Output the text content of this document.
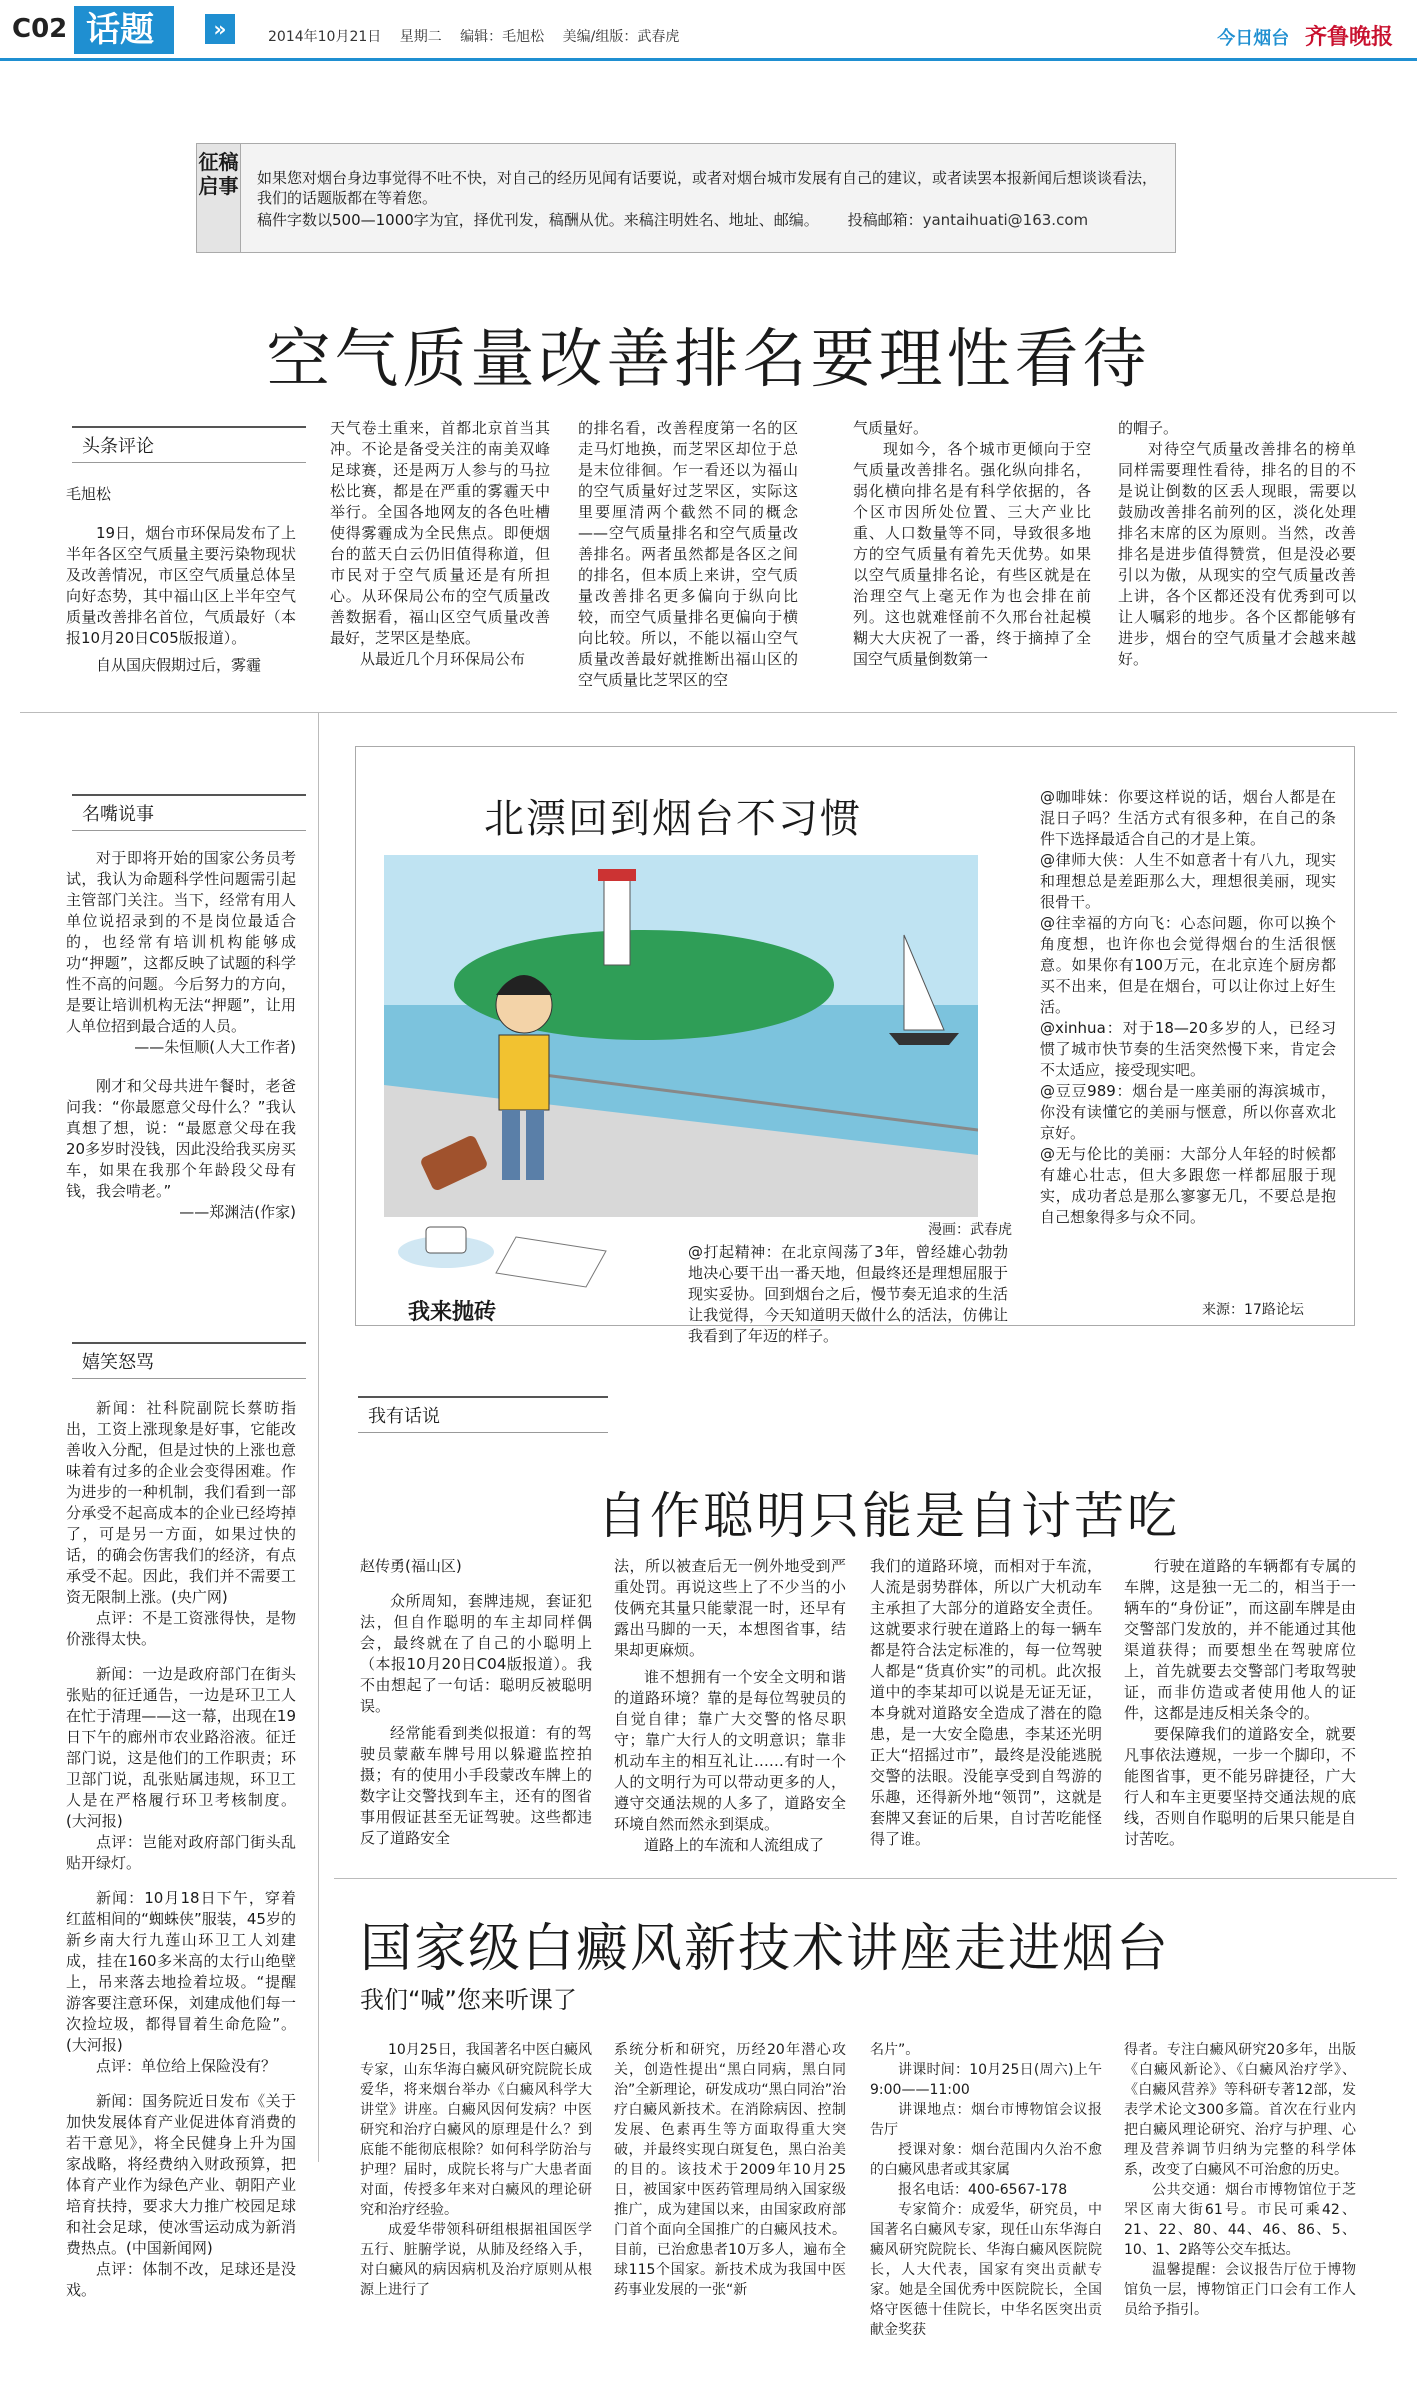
C02 话题	»	2014年10月21日 星期二 编辑：毛旭松 美编/组版：武春虎	今日烟台 齐鲁晚报
征稿启事 如果您对烟台身边事觉得不吐不快，对自己的经历见闻有话要说，或者对烟台城市发展有自己的建议，或者读罢本报新闻后想谈谈看法，我们的话题版都在等着您。
稿件字数以500—1000字为宜，择优刊发，稿酬从优。来稿注明姓名、地址、邮编。 投稿邮箱：yantaihuati@163.com
空气质量改善排名要理性看待
头条评论

毛旭松

19日，烟台市环保局发布了上半年各区空气质量主要污染物现状及改善情况，市区空气质量总体呈向好态势，其中福山区上半年空气质量改善排名首位，气质最好（本报10月20日C05版报道）。

自从国庆假期过后，雾霾

天气卷土重来，首都北京首当其冲。不论是备受关注的南美双峰足球赛，还是两万人参与的马拉松比赛，都是在严重的雾霾天中举行。全国各地网友的各色吐槽使得雾霾成为全民焦点。即便烟台的蓝天白云仍旧值得称道，但市民对于空气质量还是有所担心。从环保局公布的空气质量改善数据看，福山区空气质量改善最好，芝罘区是垫底。

从最近几个月环保局公布

的排名看，改善程度第一名的区走马灯地换，而芝罘区却位于总是末位徘徊。乍一看还以为福山的空气质量好过芝罘区，实际这里要厘清两个截然不同的概念——空气质量排名和空气质量改善排名。两者虽然都是各区之间的排名，但本质上来讲，空气质量改善排名更多偏向于纵向比较，而空气质量排名更偏向于横向比较。所以，不能以福山空气质量改善最好就推断出福山区的空气质量比芝罘区的空

气质量好。

现如今，各个城市更倾向于空气质量改善排名。强化纵向排名，弱化横向排名是有科学依据的，各个区市因所处位置、三大产业比重、人口数量等不同，导致很多地方的空气质量有着先天优势。如果以空气质量排名论，有些区就是在治理空气上毫无作为也会排在前列。这也就难怪前不久邢台社起模糊大大庆祝了一番，终于摘掉了全国空气质量倒数第一

的帽子。

对待空气质量改善排名的榜单同样需要理性看待，排名的目的不是说让倒数的区丢人现眼，需要以鼓励改善排名前列的区，淡化处理排名末席的区为原则。当然，改善排名是进步值得赞赏，但是没必要引以为傲，从现实的空气质量改善上讲，各个区都还没有优秀到可以让人嘱彩的地步。各个区都能够有进步，烟台的空气质量才会越来越好。

名嘴说事

对于即将开始的国家公务员考试，我认为命题科学性问题需引起主管部门关注。当下，经常有用人单位说招录到的不是岗位最适合的，也经常有培训机构能够成功“押题”，这都反映了试题的科学性不高的问题。今后努力的方向，是要让培训机构无法“押题”，让用人单位招到最合适的人员。

——朱恒顺(人大工作者)

刚才和父母共进午餐时，老爸问我：“你最愿意父母什么？”我认真想了想，说：“最愿意父母在我20多岁时没钱，因此没给我买房买车，如果在我那个年龄段父母有钱，我会啃老。”

——郑渊洁(作家)

嬉笑怒骂

新闻：社科院副院长蔡昉指出，工资上涨现象是好事，它能改善收入分配，但是过快的上涨也意味着有过多的企业会变得困难。作为进步的一种机制，我们看到一部分承受不起高成本的企业已经垮掉了，可是另一方面，如果过快的话，的确会伤害我们的经济，有点承受不起。因此，我们并不需要工资无限制上涨。(央广网)

点评：不是工资涨得快，是物价涨得太快。

新闻：一边是政府部门在街头张贴的征迁通告，一边是环卫工人在忙于清理——这一幕，出现在19日下午的廊州市农业路浴液。征迁部门说，这是他们的工作职责；环卫部门说，乱张贴属违规，环卫工人是在严格履行环卫考核制度。(大河报)

点评：岂能对政府部门街头乱贴开绿灯。

新闻：10月18日下午，穿着红蓝相间的“蜘蛛侠”服装，45岁的新乡南大行九莲山环卫工人刘建成，挂在160多米高的太行山绝壁上，吊来落去地捡着垃圾。“提醒游客要注意环保，刘建成他们每一次捡垃圾，都得冒着生命危险”。(大河报)

点评：单位给上保险没有？

新闻：国务院近日发布《关于加快发展体育产业促进体育消费的若干意见》，将全民健身上升为国家战略，将经费纳入财政预算，把体育产业作为绿色产业、朝阳产业培育扶持，要求大力推广校园足球和社会足球，使冰雪运动成为新消费热点。(中国新闻网)

点评：体制不改，足球还是没戏。

北漂回到烟台不习惯
漫画：武春虎
我来抛砖
@打起精神：在北京闯荡了3年，曾经雄心勃勃地决心要干出一番天地，但最终还是理想屈服于现实妥协。回到烟台之后，慢节奏无追求的生活让我觉得，今天知道明天做什么的活法，仿佛让我看到了年迈的样子。

@咖啡妹：你要这样说的话，烟台人都是在混日子吗？生活方式有很多种，在自己的条件下选择最适合自己的才是上策。

@律师大侠：人生不如意者十有八九，现实和理想总是差距那么大，理想很美丽，现实很骨干。

@往幸福的方向飞：心态问题，你可以换个角度想，也许你也会觉得烟台的生活很惬意。如果你有100万元，在北京连个厨房都买不出来，但是在烟台，可以让你过上好生活。

@xinhua：对于18—20多岁的人，已经习惯了城市快节奏的生活突然慢下来，肯定会不太适应，接受现实吧。

@豆豆989：烟台是一座美丽的海滨城市，你没有读懂它的美丽与惬意，所以你喜欢北京好。

@无与伦比的美丽：大部分人年轻的时候都有雄心壮志，但大多跟您一样都屈服于现实，成功者总是那么寥寥无几，不要总是抱自己想象得多与众不同。

来源：17路论坛
我有话说
自作聪明只能是自讨苦吃

赵传勇(福山区)

众所周知，套牌违规，套证犯法，但自作聪明的车主却同样偶会，最终就在了自己的小聪明上（本报10月20日C04版报道）。我不由想起了一句话：聪明反被聪明误。

经常能看到类似报道：有的驾驶员蒙蔽车牌号用以躲避监控拍摄；有的使用小手段蒙改车牌上的数字让交警找到车主，还有的图省事用假证甚至无证驾驶。这些都违反了道路安全

法，所以被查后无一例外地受到严重处罚。再说这些上了不少当的小伎俩充其量只能蒙混一时，还早有露出马脚的一天，本想图省事，结果却更麻烦。

谁不想拥有一个安全文明和谐的道路环境？靠的是每位驾驶员的自觉自律；靠广大交警的恪尽职守；靠广大行人的文明意识；靠非机动车主的相互礼让……有时一个人的文明行为可以带动更多的人，遵守交通法规的人多了，道路安全环境自然而然永到渠成。

道路上的车流和人流组成了

我们的道路环境，而相对于车流，人流是弱势群体，所以广大机动车主承担了大部分的道路安全责任。这就要求行驶在道路上的每一辆车都是符合法定标准的，每一位驾驶人都是“货真价实”的司机。此次报道中的李某却可以说是无证无证，本身就对道路安全造成了潜在的隐患，是一大安全隐患，李某还光明正大“招摇过市”，最终是没能逃脱交警的法眼。没能享受到自驾游的乐趣，还得新外地“领罚”，这就是套牌又套证的后果，自讨苦吃能怪得了谁。

行驶在道路的车辆都有专属的车牌，这是独一无二的，相当于一辆车的“身份证”，而这副车牌是由交警部门发放的，并不能通过其他渠道获得；而要想坐在驾驶席位上，首先就要去交警部门考取驾驶证，而非仿造或者使用他人的证件，这都是违反相关条令的。

要保障我们的道路安全，就要凡事依法遵规，一步一个脚印，不能图省事，更不能另辟捷径，广大行人和车主更要坚持交通法规的底线，否则自作聪明的后果只能是自讨苦吃。

国家级白癜风新技术讲座走进烟台
我们“喊”您来听课了

10月25日，我国著名中医白癜风专家，山东华海白癜风研究院院长成爱华，将来烟台举办《白癜风科学大讲堂》讲座。白癜风因何发病？中医研究和治疗白癜风的原理是什么？到底能不能彻底根除？如何科学防治与护理？届时，成院长将与广大患者面对面，传授多年来对白癜风的理论研究和治疗经验。

成爱华带领科研组根据祖国医学五行、脏腑学说，从肺及经络入手，对白癜风的病因病机及治疗原则从根源上进行了

系统分析和研究，历经20年潜心攻关，创造性提出“黑白同病，黑白同治”全新理论，研发成功“黑白同治”治疗白癜风新技术。在消除病因、控制发展、色素再生等方面取得重大突破，并最终实现白斑复色，黑白治美的目的。该技术于2009年10月25日，被国家中医药管理局纳入国家级推广，成为建国以来，由国家政府部门首个面向全国推广的白癜风技术。目前，已治愈患者10万多人，遍布全球115个国家。新技术成为我国中医药事业发展的一张“新

名片”。

讲课时间：10月25日(周六)上午9:00——11:00

讲课地点：烟台市博物馆会议报告厅

授课对象：烟台范围内久治不愈的白癜风患者或其家属

报名电话：400-6567-178

专家简介：成爱华，研究员，中国著名白癜风专家，现任山东华海白癜风研究院院长、华海白癜风医院院长，人大代表，国家有突出贡献专家。她是全国优秀中医院院长，全国烙守医德十佳院长，中华名医突出贡献金奖获

得者。专注白癜风研究20多年，出版《白癜风新论》、《白癜风治疗学》、《白癜风营养》等科研专著12部，发表学术论文300多篇。首次在行业内把白癜风理论研究、治疗与护理、心理及营养调节归纳为完整的科学体系，改变了白癜风不可治愈的历史。

公共交通：烟台市博物馆位于芝罘区南大街61号。市民可乘42、21、22、80、44、46、86、5、10、1、2路等公交车抵达。

温馨提醒：会议报告厅位于博物馆负一层，博物馆正门口会有工作人员给予指引。
